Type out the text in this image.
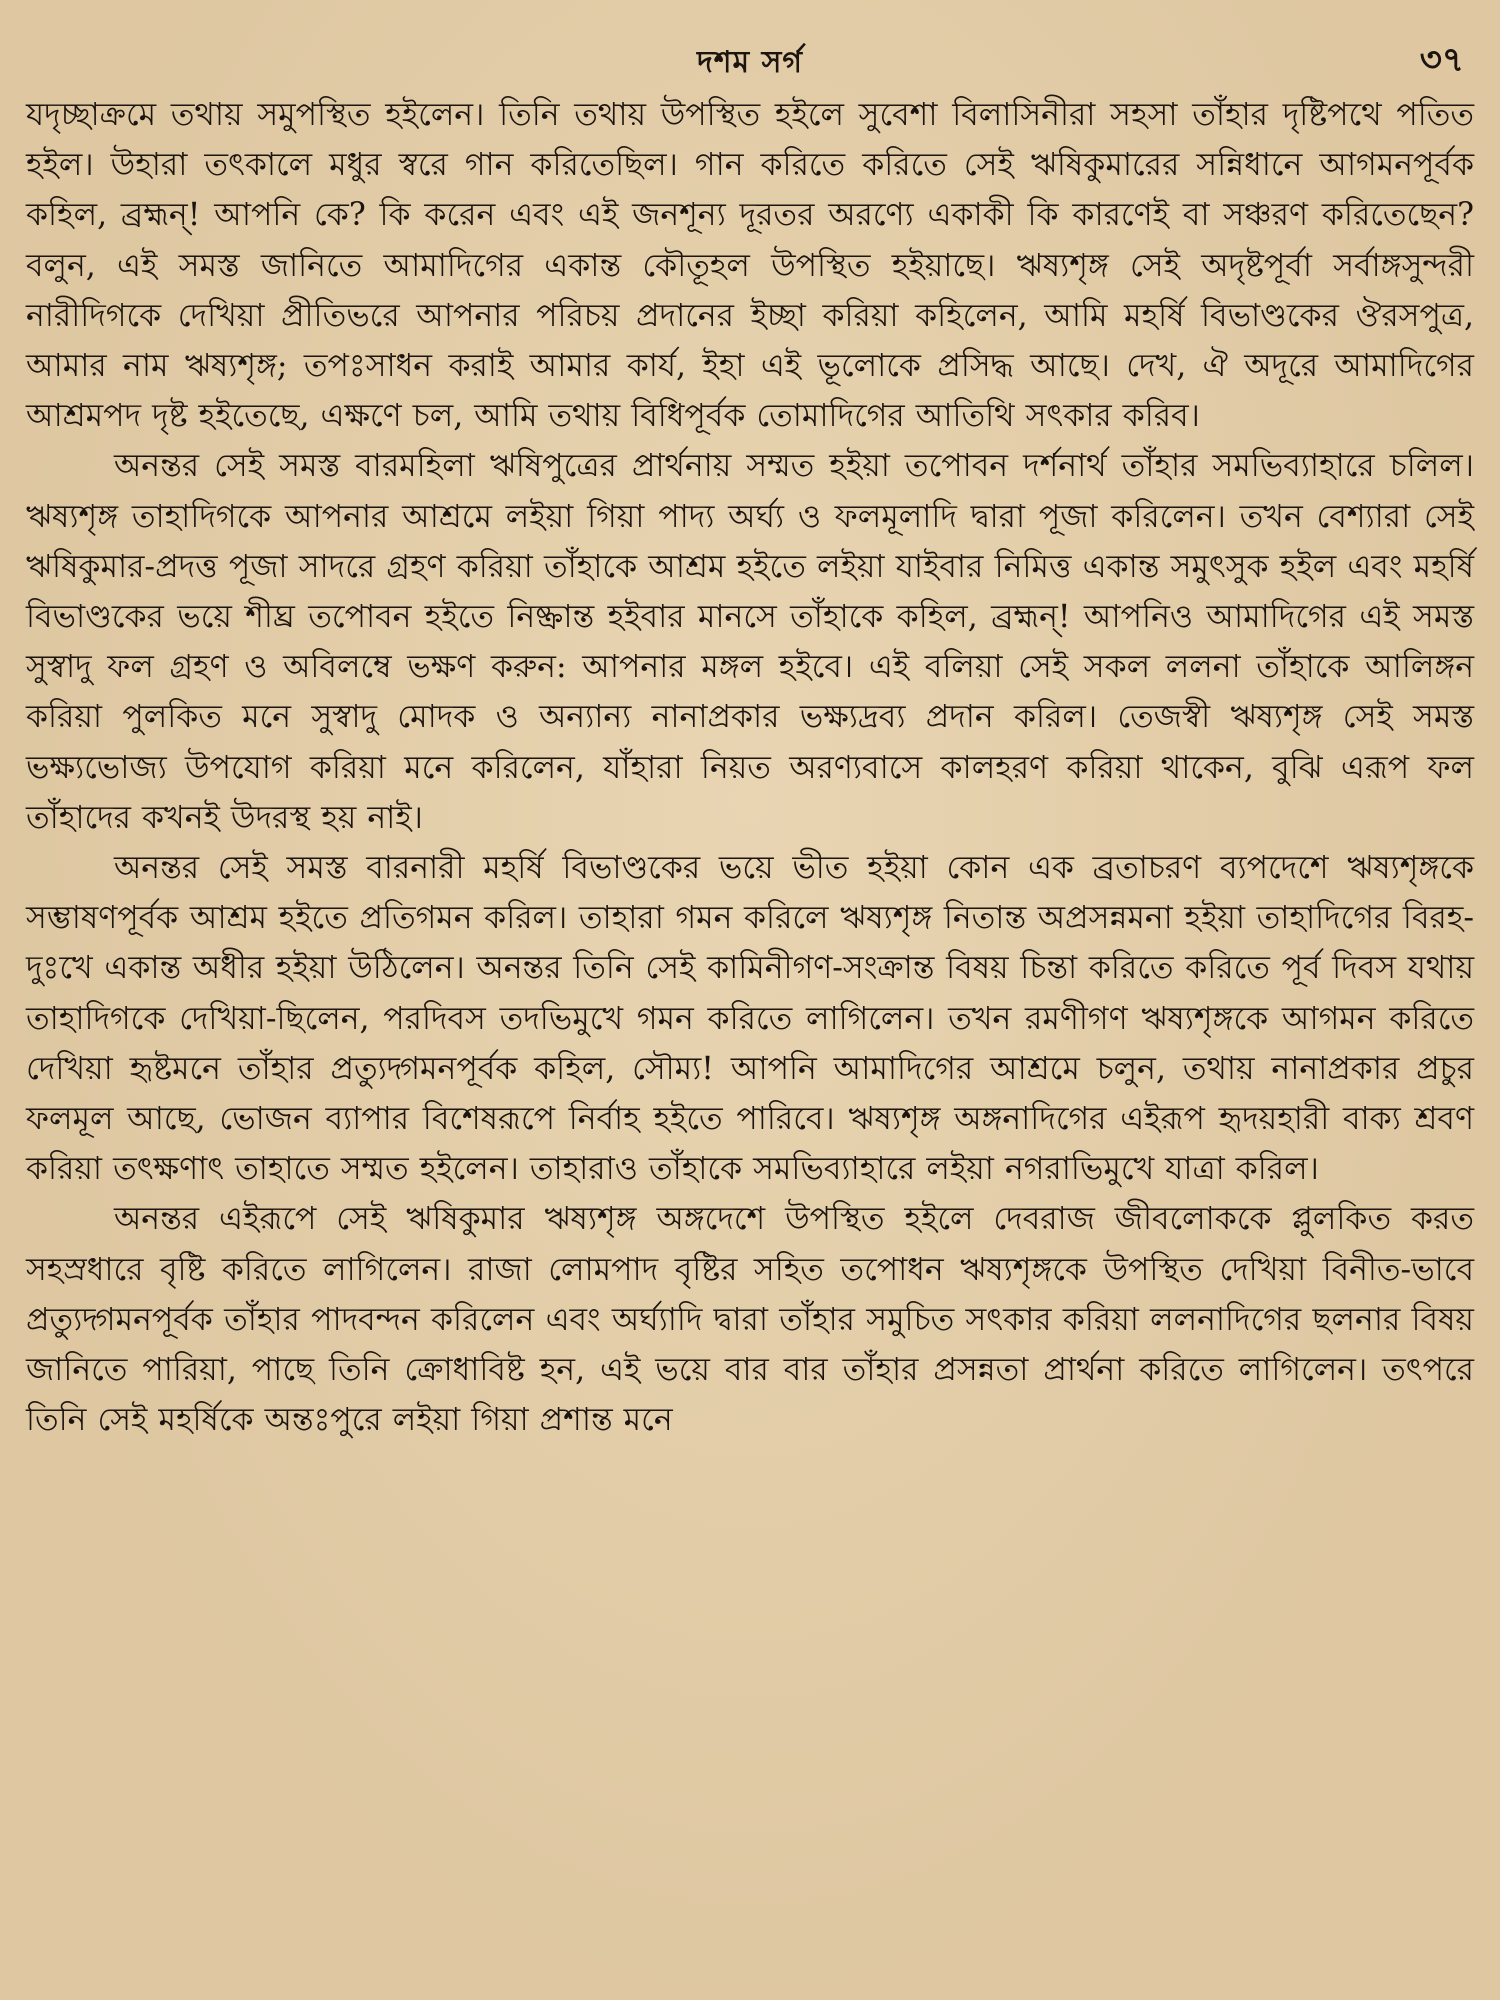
দশম সর্গ	৩৭

যদৃচ্ছাক্রমে তথায় সমুপস্থিত হইলেন। তিনি তথায় উপস্থিত হইলে সুবেশা বিলাসিনীরা সহসা তাঁহার দৃষ্টিপথে পতিত হইল। উহারা তৎকালে মধুর স্বরে গান করিতেছিল। গান করিতে করিতে সেই ঋষিকুমারের সন্নিধানে আগমনপূর্বক কহিল, ব্রহ্মন্! আপনি কে? কি করেন এবং এই জনশূন্য দূরতর অরণ্যে একাকী কি কারণেই বা সঞ্চরণ করিতেছেন? বলুন, এই সমস্ত জানিতে আমাদিগের একান্ত কৌতূহল উপস্থিত হইয়াছে। ঋষ্যশৃঙ্গ সেই অদৃষ্টপূর্বা সর্বাঙ্গসুন্দরী নারীদিগকে দেখিয়া প্রীতিভরে আপনার পরিচয় প্রদানের ইচ্ছা করিয়া কহিলেন, আমি মহর্ষি বিভাণ্ডকের ঔরসপুত্র, আমার নাম ঋষ্যশৃঙ্গ; তপঃসাধন করাই আমার কার্য, ইহা এই ভূলোকে প্রসিদ্ধ আছে। দেখ, ঐ অদূরে আমাদিগের আশ্রমপদ দৃষ্ট হইতেছে, এক্ষণে চল, আমি তথায় বিধিপূর্বক তোমাদিগের আতিথি সৎকার করিব।

অনন্তর সেই সমস্ত বারমহিলা ঋষিপুত্রের প্রার্থনায় সম্মত হইয়া তপোবন দর্শনার্থ তাঁহার সমভিব্যাহারে চলিল। ঋষ্যশৃঙ্গ তাহাদিগকে আপনার আশ্রমে লইয়া গিয়া পাদ্য অর্ঘ্য ও ফলমূলাদি দ্বারা পূজা করিলেন। তখন বেশ্যারা সেই ঋষিকুমার-প্রদত্ত পূজা সাদরে গ্রহণ করিয়া তাঁহাকে আশ্রম হইতে লইয়া যাইবার নিমিত্ত একান্ত সমুৎসুক হইল এবং মহর্ষি বিভাণ্ডকের ভয়ে শীঘ্র তপোবন হইতে নিষ্ক্রান্ত হইবার মানসে তাঁহাকে কহিল, ব্রহ্মন্! আপনিও আমাদিগের এই সমস্ত সুস্বাদু ফল গ্রহণ ও অবিলম্বে ভক্ষণ করুন: আপনার মঙ্গল হইবে। এই বলিয়া সেই সকল ললনা তাঁহাকে আলিঙ্গন করিয়া পুলকিত মনে সুস্বাদু মোদক ও অন্যান্য নানাপ্রকার ভক্ষ্যদ্রব্য প্রদান করিল। তেজস্বী ঋষ্যশৃঙ্গ সেই সমস্ত ভক্ষ্যভোজ্য উপযোগ করিয়া মনে করিলেন, যাঁহারা নিয়ত অরণ্যবাসে কালহরণ করিয়া থাকেন, বুঝি এরূপ ফল তাঁহাদের কখনই উদরস্থ হয় নাই।

অনন্তর সেই সমস্ত বারনারী মহর্ষি বিভাণ্ডকের ভয়ে ভীত হইয়া কোন এক ব্রতাচরণ ব্যপদেশে ঋষ্যশৃঙ্গকে সম্ভাষণপূর্বক আশ্রম হইতে প্রতিগমন করিল। তাহারা গমন করিলে ঋষ্যশৃঙ্গ নিতান্ত অপ্রসন্নমনা হইয়া তাহাদিগের বিরহ-দুঃখে একান্ত অধীর হইয়া উঠিলেন। অনন্তর তিনি সেই কামিনীগণ-সংক্রান্ত বিষয় চিন্তা করিতে করিতে পূর্ব দিবস যথায় তাহাদিগকে দেখিয়া-ছিলেন, পরদিবস তদভিমুখে গমন করিতে লাগিলেন। তখন রমণীগণ ঋষ্যশৃঙ্গকে আগমন করিতে দেখিয়া হৃষ্টমনে তাঁহার প্রত্যুদ্গমনপূর্বক কহিল, সৌম্য! আপনি আমাদিগের আশ্রমে চলুন, তথায় নানাপ্রকার প্রচুর ফলমূল আছে, ভোজন ব্যাপার বিশেষরূপে নির্বাহ হইতে পারিবে। ঋষ্যশৃঙ্গ অঙ্গনাদিগের এইরূপ হৃদয়হারী বাক্য শ্রবণ করিয়া তৎক্ষণাৎ তাহাতে সম্মত হইলেন। তাহারাও তাঁহাকে সমভিব্যাহারে লইয়া নগরাভিমুখে যাত্রা করিল।

অনন্তর এইরূপে সেই ঋষিকুমার ঋষ্যশৃঙ্গ অঙ্গদেশে উপস্থিত হইলে দেবরাজ জীবলোককে প্লুলকিত করত সহস্রধারে বৃষ্টি করিতে লাগিলেন। রাজা লোমপাদ বৃষ্টির সহিত তপোধন ঋষ্যশৃঙ্গকে উপস্থিত দেখিয়া বিনীত-ভাবে প্রত্যুদ্গমনপূর্বক তাঁহার পাদবন্দন করিলেন এবং অর্ঘ্যাদি দ্বারা তাঁহার সমুচিত সৎকার করিয়া ললনাদিগের ছলনার বিষয় জানিতে পারিয়া, পাছে তিনি ক্রোধাবিষ্ট হন, এই ভয়ে বার বার তাঁহার প্রসন্নতা প্রার্থনা করিতে লাগিলেন। তৎপরে তিনি সেই মহর্ষিকে অন্তঃপুরে লইয়া গিয়া প্রশান্ত মনে
